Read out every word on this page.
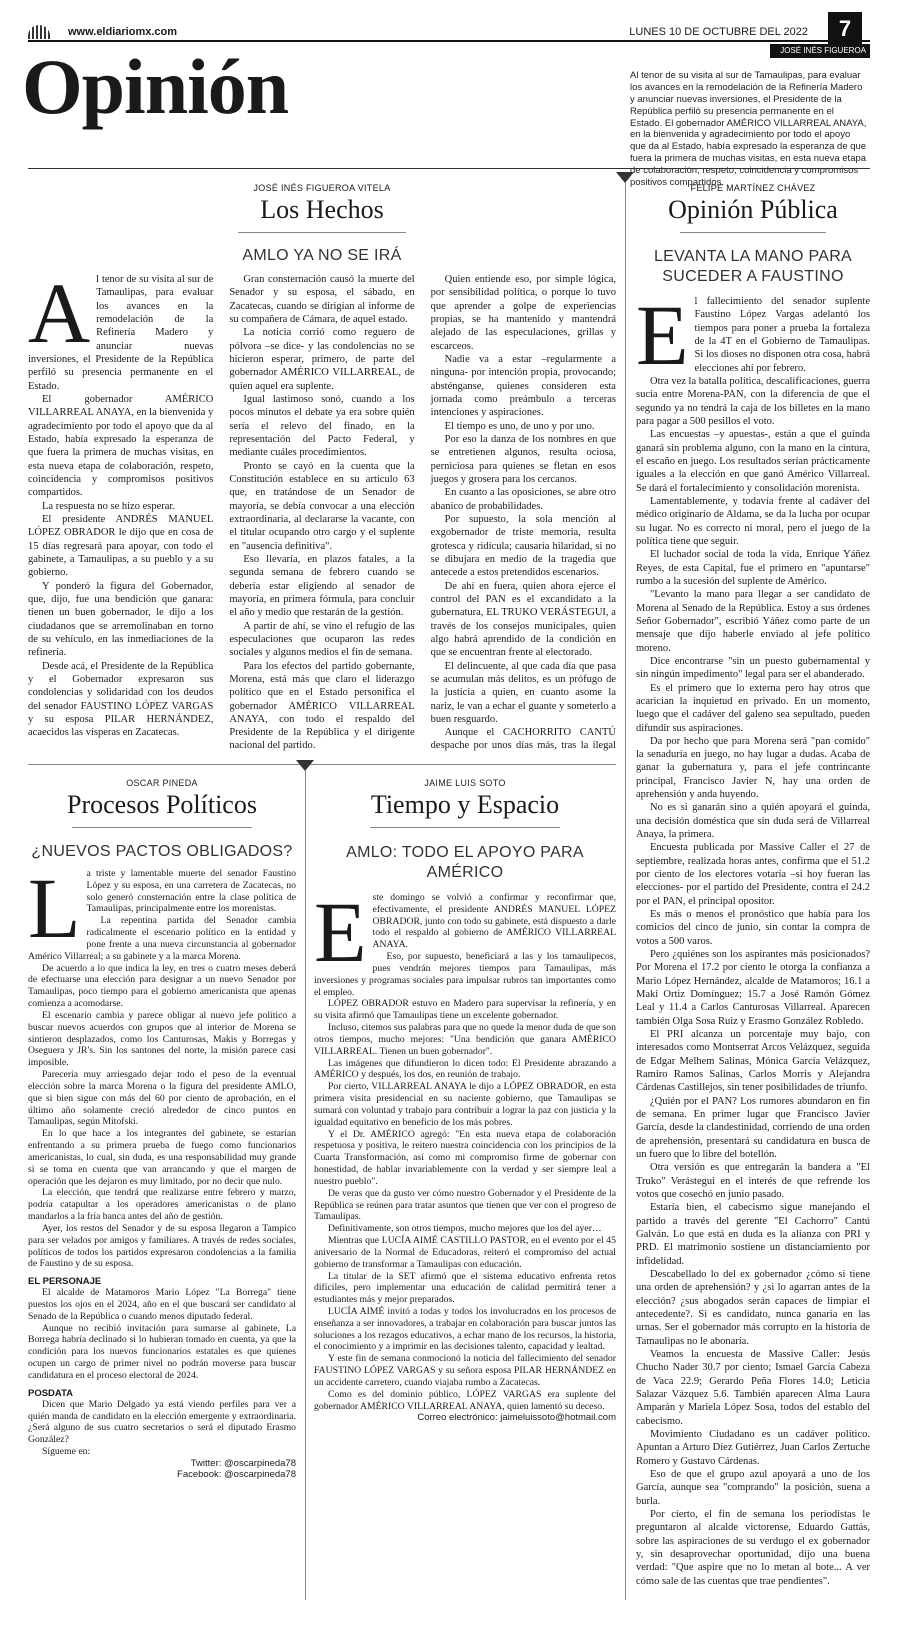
www.eldiariomx.com	LUNES 10 DE OCTUBRE DEL 2022	7
JOSÉ INÉS FIGUEROA VITELA
Opinión	Al tenor de su visita al sur de Tamaulipas, para evaluar los avances en la remodelación de la Refinería Madero y anunciar nuevas inversiones, el Presidente de la República perfiló su presencia permanente en el Estado. El gobernador AMÉRICO VILLARREAL ANAYA, en la bienvenida y agradecimiento por todo el apoyo que da al Estado, había expresado la esperanza de que fuera la primera de muchas visitas, en esta nueva etapa de colaboración, respeto, coincidencia y compromisos positivos compartidos.
JOSÉ INÉS FIGUEROA VITELA
Los Hechos
AMLO YA NO SE IRÁ

Al tenor de su visita al sur de Tamaulipas, para evaluar los avances en la remodelación de la Refinería Madero y anunciar nuevas inversiones, el Presidente de la República perfiló su presencia permanente en el Estado.

El gobernador AMÉRICO VILLARREAL ANAYA, en la bienvenida y agradecimiento por todo el apoyo que da al Estado, había expresado la esperanza de que fuera la primera de muchas visitas, en esta nueva etapa de colaboración, respeto, coincidencia y compromisos positivos compartidos.

La respuesta no se hizo esperar.

El presidente ANDRÉS MANUEL LÓPEZ OBRADOR le dijo que en cosa de 15 días regresará para apoyar, con todo el gabinete, a Tamaulipas, a su pueblo y a su gobierno.

Y ponderó la figura del Gobernador, que, dijo, fue una bendición que ganara: tienen un buen gobernador, le dijo a los ciudadanos que se arremolinaban en torno de su vehículo, en las inmediaciones de la refinería.

Desde acá, el Presidente de la República y el Gobernador expresaron sus condolencias y solidaridad con los deudos del senador FAUSTINO LÓPEZ VARGAS y su esposa PILAR HERNÁNDEZ, acaecidos las vísperas en Zacatecas.

Gran consternación causó la muerte del Senador y su esposa, el sábado, en Zacatecas, cuando se dirigían al informe de su compañera de Cámara, de aquel estado.

La noticia corrió como reguero de pólvora –se dice- y las condolencias no se hicieron esperar, primero, de parte del gobernador AMÉRICO VILLARREAL, de quien aquel era suplente.

Igual lastimoso sonó, cuando a los pocos minutos el debate ya era sobre quién sería el relevo del finado, en la representación del Pacto Federal, y mediante cuáles procedimientos.

Pronto se cayó en la cuenta que la Constitución establece en su artículo 63 que, en tratándose de un Senador de mayoría, se debía convocar a una elección extraordinaria, al declararse la vacante, con el titular ocupando otro cargo y el suplente en "ausencia definitiva".

Eso llevaría, en plazos fatales, a la segunda semana de febrero cuando se debería estar eligiendo al senador de mayoría, en primera fórmula, para concluir el año y medio que restarán de la gestión.

A partir de ahí, se vino el refugio de las especulaciones que ocuparon las redes sociales y algunos medios el fin de semana.

Para los efectos del partido gobernante, Morena, está más que claro el liderazgo político que en el Estado personifica el gobernador AMÉRICO VILLARREAL ANAYA, con todo el respaldo del Presidente de la República y el dirigente nacional del partido.

Quien entiende eso, por simple lógica, por sensibilidad política, o porque lo tuvo que aprender a golpe de experiencias propias, se ha mantenido y mantendrá alejado de las especulaciones, grillas y escarceos.

Nadie va a estar –regularmente a ninguna- por intención propia, provocando; absténganse, quienes consideren esta jornada como preámbulo a terceras intenciones y aspiraciones.

El tiempo es uno, de uno y por uno.

Por eso la danza de los nombres en que se entretienen algunos, resulta ociosa, perniciosa para quienes se fletan en esos juegos y grosera para los cercanos.

En cuanto a las oposiciones, se abre otro abanico de probabilidades.

Por supuesto, la sola mención al exgobernador de triste memoria, resulta grotesca y ridícula; causaría hilaridad, si no se dibujara en medio de la tragedia que antecede a estos pretendidos escenarios.

De ahí en fuera, quien ahora ejerce el control del PAN es el excandidato a la gubernatura, EL TRUKO VERÁSTEGUI, a través de los consejos municipales, quien algo habrá aprendido de la condición en que se encuentran frente al electorado.

El delincuente, al que cada día que pasa se acumulan más delitos, es un prófugo de la justicia a quien, en cuanto asome la nariz, le van a echar el guante y someterlo a buen resguardo.

Aunque el CACHORRITO CANTÚ despache por unos días más, tras la ilegal

FELIPE MARTÍNEZ CHÁVEZ
Opinión Pública
LEVANTA LA MANO PARA SUCEDER A FAUSTINO

El fallecimiento del senador suplente Faustino López Vargas adelantó los tiempos para poner a prueba la fortaleza de la 4T en el Gobierno de Tamaulipas. Si los dioses no disponen otra cosa, habrá elecciones ahí por febrero.

Otra vez la batalla política, descalificaciones, guerra sucia entre Morena-PAN, con la diferencia de que el segundo ya no tendrá la caja de los billetes en la mano para pagar a 500 pesillos el voto.

Las encuestas –y apuestas-, están a que el guinda ganará sin problema alguno, con la mano en la cintura, el escaño en juego. Los resultados serían prácticamente iguales a la elección en que ganó Américo Villarreal. Se dará el fortalecimiento y consolidación morenista.

Lamentablemente, y todavía frente al cadáver del médico originario de Aldama, se da la lucha por ocupar su lugar. No es correcto ni moral, pero el juego de la política tiene que seguir.

El luchador social de toda la vida, Enrique Yáñez Reyes, de esta Capital, fue el primero en "apuntarse" rumbo a la sucesión del suplente de Américo.

"Levanto la mano para llegar a ser candidato de Morena al Senado de la República. Estoy a sus órdenes Señor Gobernador", escribió Yáñez como parte de un mensaje que dijo haberle enviado al jefe político moreno.

Dice encontrarse "sin un puesto gubernamental y sin ningún impedimento" legal para ser el abanderado.

Es el primero que lo externa pero hay otros que acarician la inquietud en privado. En un momento, luego que el cadáver del galeno sea sepultado, pueden difundir sus aspiraciones.

Da por hecho que para Morena será "pan comido" la senaduría en juego, no hay lugar a dudas. Acaba de ganar la gubernatura y, para el jefe contrincante principal, Francisco Javier N, hay una orden de aprehensión y anda huyendo.

No es si ganarán sino a quién apoyará el guinda, una decisión doméstica que sin duda será de Villarreal Anaya, la primera.

Encuesta publicada por Massive Caller el 27 de septiembre, realizada horas antes, confirma que el 51.2 por ciento de los electores votaría –si hoy fueran las elecciones- por el partido del Presidente, contra el 24.2 por el PAN, el principal opositor.

Es más o menos el pronóstico que había para los comicios del cinco de junio, sin contar la compra de votos a 500 varos.

Pero ¿quiénes son los aspirantes más posicionados? Por Morena el 17.2 por ciento le otorga la confianza a Mario López Hernández, alcalde de Matamoros; 16.1 a Maki Ortiz Domínguez; 15.7 a José Ramón Gómez Leal y 11.4 a Carlos Canturosas Villarreal. Aparecen también Olga Sosa Ruiz y Erasmo González Robledo.

El PRI alcanza un porcentaje muy bajo, con interesados como Montserrat Arcos Velázquez, seguida de Edgar Melhem Salinas, Mónica García Velázquez, Ramiro Ramos Salinas, Carlos Morris y Alejandra Cárdenas Castillejos, sin tener posibilidades de triunfo.

¿Quién por el PAN? Los rumores abundaron en fin de semana. En primer lugar que Francisco Javier García, desde la clandestinidad, corriendo de una orden de aprehensión, presentará su candidatura en busca de un fuero que lo libre del botellón.

Otra versión es que entregarán la bandera a "El Truko" Verástegui en el interés de que refrende los votos que cosechó en junio pasado.

Estaría bien, el cabecismo sigue manejando el partido a través del gerente "El Cachorro" Cantú Galván. Lo que está en duda es la alianza con PRI y PRD. El matrimonio sostiene un distanciamiento por infidelidad.

Descabellado lo del ex gobernador ¿cómo si tiene una orden de aprehensión? y ¿si lo agarran antes de la elección? ¿sus abogados serán capaces de limpiar el antecedente?. Si es candidato, nunca ganaría en las urnas. Ser el gobernador más corrupto en la historia de Tamaulipas no le abonaría.

Veamos la encuesta de Massive Caller: Jesús Chucho Nader 30.7 por ciento; Ismael García Cabeza de Vaca 22.9; Gerardo Peña Flores 14.0; Leticia Salazar Vázquez 5.6. También aparecen Alma Laura Amparán y Mariela López Sosa, todos del establo del cabecismo.

Movimiento Ciudadano es un cadáver político. Apuntan a Arturo Díez Gutiérrez, Juan Carlos Zertuche Romero y Gustavo Cárdenas.

Eso de que el grupo azul apoyará a uno de los García, aunque sea "comprando" la posición, suena a burla.

Por cierto, el fin de semana los periodistas le preguntaron al alcalde victorense, Eduardo Gattás, sobre las aspiraciones de su verdugo el ex gobernador y, sin desaprovechar oportunidad, dijo una buena verdad: "Que aspire que no lo metan al bote... A ver cómo sale de las cuentas que trae pendientes".

OSCAR PINEDA
Procesos Políticos
¿NUEVOS PACTOS OBLIGADOS?

La triste y lamentable muerte del senador Faustino López y su esposa, en una carretera de Zacatecas, no solo generó consternación entre la clase política de Tamaulipas, principalmente entre los morenistas.

La repentina partida del Senador cambia radicalmente el escenario político en la entidad y pone frente a una nueva circunstancia al gobernador Américo Villarreal; a su gabinete y a la marca Morena.

De acuerdo a lo que indica la ley, en tres o cuatro meses deberá de efectuarse una elección para designar a un nuevo Senador por Tamaulipas, poco tiempo para el gobierno americanista que apenas comienza a acomodarse.

El escenario cambia y parece obligar al nuevo jefe político a buscar nuevos acuerdos con grupos que al interior de Morena se sintieron desplazados, como los Canturosas, Makis y Borregas y Oseguera y JR's. Sin los santones del norte, la misión parece casi imposible.

Parecería muy arriesgado dejar todo el peso de la eventual elección sobre la marca Morena o la figura del presidente AMLO, que si bien sigue con más del 60 por ciento de aprobación, en el último año solamente creció alrededor de cinco puntos en Tamaulipas, según Mitofski.

En lo que hace a los integrantes del gabinete, se estarían enfrentando a su primera prueba de fuego como funcionarios americanistas, lo cual, sin duda, es una responsabilidad muy grande si se toma en cuenta que van arrancando y que el margen de operación que les dejaron es muy limitado, por no decir que nulo.

La elección, que tendrá que realizarse entre febrero y marzo, podría catapultar a los operadores americanistas o de plano mandarlos a la fría banca antes del año de gestión.

Ayer, los restos del Senador y de su esposa llegaron a Tampico para ser velados por amigos y familiares. A través de redes sociales, políticos de todos los partidos expresaron condolencias a la familia de Faustino y de su esposa.

EL PERSONAJE

El alcalde de Matamoros Mario López "La Borrega" tiene puestos los ojos en el 2024, año en el que buscará ser candidato al Senado de la República o cuando menos diputado federal.

Aunque no recibió invitación para sumarse al gabinete, La Borrega habría declinado si lo hubieran tomado en cuenta, ya que la condición para los nuevos funcionarios estatales es que quienes ocupen un cargo de primer nivel no podrán moverse para buscar candidatura en el proceso electoral de 2024.

POSDATA

Dicen que Mario Delgado ya está viendo perfiles para ver a quién manda de candidato en la elección emergente y extraordinaria. ¿Será alguno de sus cuatro secretarios o será el diputado Erasmo González?

Sígueme en:

Twitter: @oscarpineda78

Facebook: @oscarpineda78

JAIME LUIS SOTO
Tiempo y Espacio
AMLO: TODO EL APOYO PARA AMÉRICO

Este domingo se volvió a confirmar y reconfirmar que, efectivamente, el presidente ANDRÉS MANUEL LÓPEZ OBRADOR, junto con todo su gabinete, está dispuesto a darle todo el respaldo al gobierno de AMÉRICO VILLARREAL ANAYA.

Eso, por supuesto, beneficiará a las y los tamaulipecos, pues vendrán mejores tiempos para Tamaulipas, más inversiones y programas sociales para impulsar rubros tan importantes como el empleo.

LÓPEZ OBRADOR estuvo en Madero para supervisar la refinería, y en su visita afirmó que Tamaulipas tiene un excelente gobernador.

Incluso, citemos sus palabras para que no quede la menor duda de que son otros tiempos, mucho mejores: "Una bendición que ganara AMÉRICO VILLARREAL. Tienen un buen gobernador".

Las imágenes que difundieron lo dicen todo: El Presidente abrazando a AMÉRICO y después, los dos, en reunión de trabajo.

Por cierto, VILLARREAL ANAYA le dijo a LÓPEZ OBRADOR, en esta primera visita presidencial en su naciente gobierno, que Tamaulipas se sumará con voluntad y trabajo para contribuir a lograr la paz con justicia y la igualdad equitativo en beneficio de los más pobres.

Y el Dr. AMÉRICO agregó: "En esta nueva etapa de colaboración respetuosa y positiva, le reitero nuestra coincidencia con los principios de la Cuarta Transformación, así como mi compromiso firme de gobernar con honestidad, de hablar invariablemente con la verdad y ser siempre leal a nuestro pueblo".

De veras que da gusto ver cómo nuestro Gobernador y el Presidente de la República se reúnen para tratar asuntos que tienen que ver con el progreso de Tamaulipas.

Definitivamente, son otros tiempos, mucho mejores que los del ayer…

Mientras que LUCÍA AIMÉ CASTILLO PASTOR, en el evento por el 45 aniversario de la Normal de Educadoras, reiteró el compromiso del actual gobierno de transformar a Tamaulipas con educación.

La titular de la SET afirmó que el sistema educativo enfrenta retos difíciles, pero implementar una educación de calidad permitirá tener a estudiantes más y mejor preparados.

LUCÍA AIMÉ invitó a todas y todos los involucrados en los procesos de enseñanza a ser innovadores, a trabajar en colaboración para buscar juntos las soluciones a los rezagos educativos, a echar mano de los recursos, la historia, el conocimiento y a imprimir en las decisiones talento, capacidad y lealtad.

Y este fin de semana conmocionó la noticia del fallecimiento del senador FAUSTINO LÓPEZ VARGAS y su señora esposa PILAR HERNÁNDEZ en un accidente carretero, cuando viajaba rumbo a Zacatecas.

Como es del dominio público, LÓPEZ VARGAS era suplente del gobernador AMÉRICO VILLARREAL ANAYA, quien lamentó su deceso.

Correo electrónico: jaimeluissoto@hotmail.com
